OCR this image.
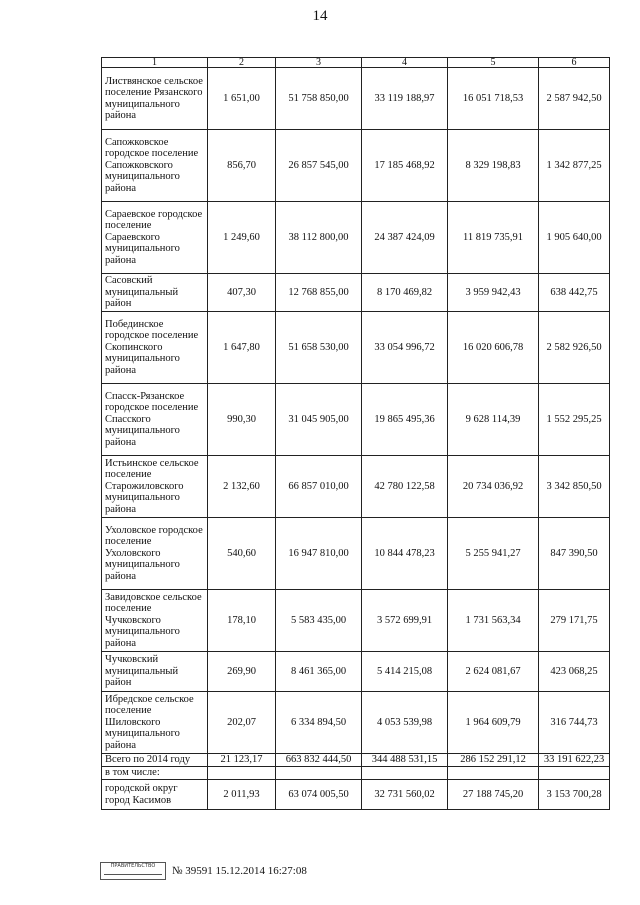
14
1	2	3	4	5	6
Листвянское сельское поселение Рязанского муниципального района	1 651,00	51 758 850,00	33 119 188,97	16 051 718,53	2 587 942,50
Сапожковское городское поселение Сапожковского муниципального района	856,70	26 857 545,00	17 185 468,92	8 329 198,83	1 342 877,25
Сараевское городское поселение Сараевского муниципального района	1 249,60	38 112 800,00	24 387 424,09	11 819 735,91	1 905 640,00
Сасовский муниципальный район	407,30	12 768 855,00	8 170 469,82	3 959 942,43	638 442,75
Побединское городское поселение Скопинского муниципального района	1 647,80	51 658 530,00	33 054 996,72	16 020 606,78	2 582 926,50
Спасск-Рязанское городское поселение Спасского муниципального района	990,30	31 045 905,00	19 865 495,36	9 628 114,39	1 552 295,25
Истьинское сельское поселение Старожиловского муниципального района	2 132,60	66 857 010,00	42 780 122,58	20 734 036,92	3 342 850,50
Ухоловское городское поселение Ухоловского муниципального района	540,60	16 947 810,00	10 844 478,23	5 255 941,27	847 390,50
Завидовское сельское поселение Чучковского муниципального района	178,10	5 583 435,00	3 572 699,91	1 731 563,34	279 171,75
Чучковский муниципальный район	269,90	8 461 365,00	5 414 215,08	2 624 081,67	423 068,25
Ибредское сельское поселение Шиловского муниципального района	202,07	6 334 894,50	4 053 539,98	1 964 609,79	316 744,73
Всего по 2014 году	21 123,17	663 832 444,50	344 488 531,15	286 152 291,12	33 191 622,23
в том числе:					
городской округ город Касимов	2 011,93	63 074 005,50	32 731 560,02	27 188 745,20	3 153 700,28
ПРАВИТЕЛЬСТВО	№ 39591 15.12.2014 16:27:08
